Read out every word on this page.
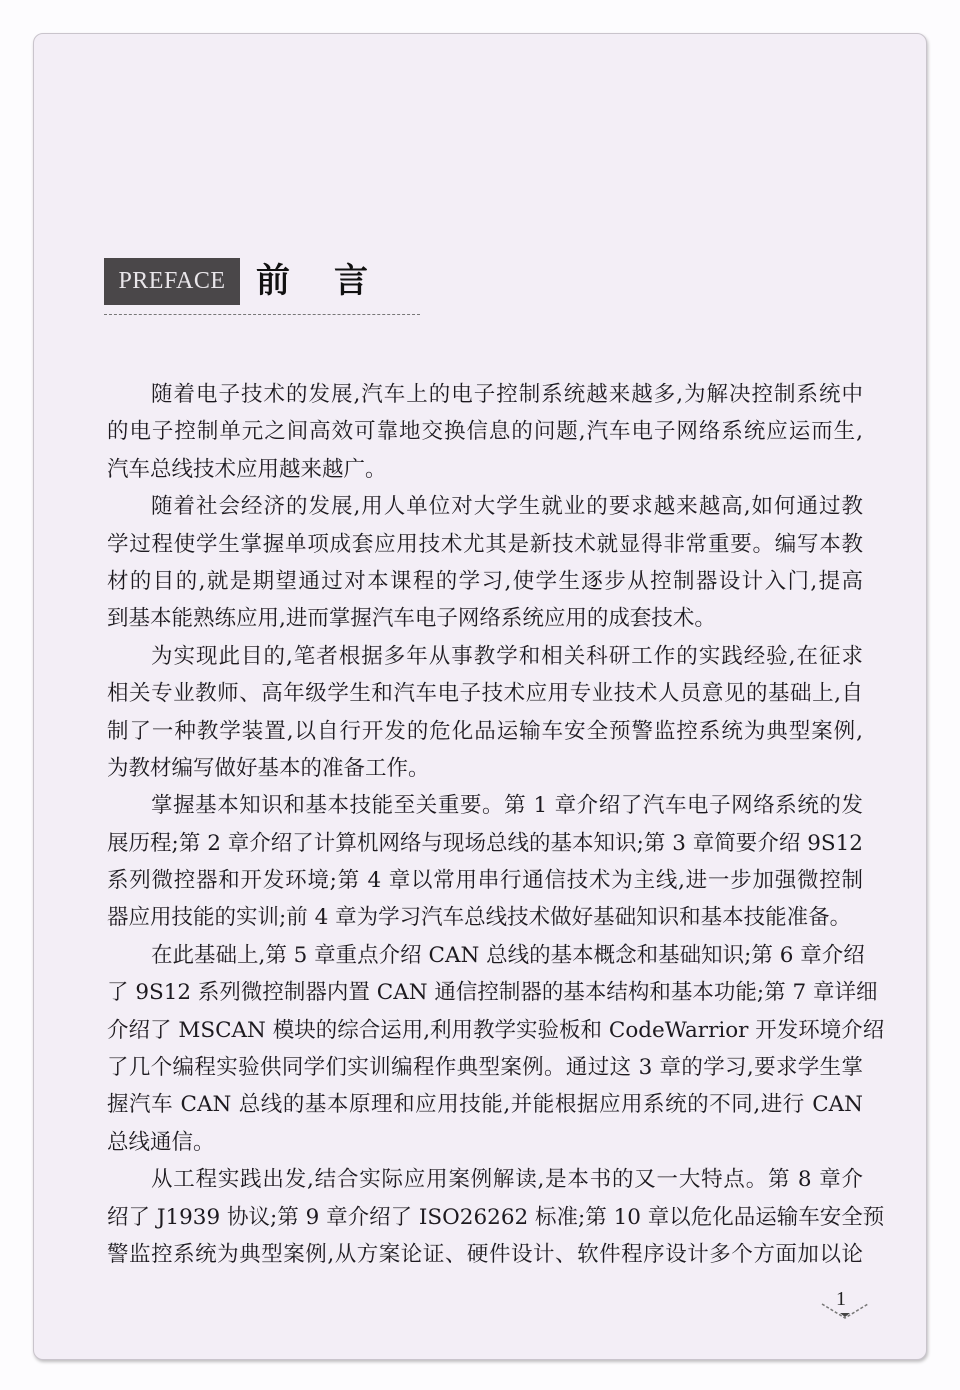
PREFACE 前言
随着电子技术的发展,汽车上的电子控制系统越来越多,为解决控制系统中
的电子控制单元之间高效可靠地交换信息的问题,汽车电子网络系统应运而生,
汽车总线技术应用越来越广。
随着社会经济的发展,用人单位对大学生就业的要求越来越高,如何通过教
学过程使学生掌握单项成套应用技术尤其是新技术就显得非常重要。编写本教
材的目的,就是期望通过对本课程的学习,使学生逐步从控制器设计入门,提高
到基本能熟练应用,进而掌握汽车电子网络系统应用的成套技术。
为实现此目的,笔者根据多年从事教学和相关科研工作的实践经验,在征求
相关专业教师、高年级学生和汽车电子技术应用专业技术人员意见的基础上,自
制了一种教学装置,以自行开发的危化品运输车安全预警监控系统为典型案例,
为教材编写做好基本的准备工作。
掌握基本知识和基本技能至关重要。第 1 章介绍了汽车电子网络系统的发
展历程;第 2 章介绍了计算机网络与现场总线的基本知识;第 3 章简要介绍 9S12
系列微控器和开发环境;第 4 章以常用串行通信技术为主线,进一步加强微控制
器应用技能的实训;前 4 章为学习汽车总线技术做好基础知识和基本技能准备。
在此基础上,第 5 章重点介绍 CAN 总线的基本概念和基础知识;第 6 章介绍
了 9S12 系列微控制器内置 CAN 通信控制器的基本结构和基本功能;第 7 章详细
介绍了 MSCAN 模块的综合运用,利用教学实验板和 CodeWarrior 开发环境介绍
了几个编程实验供同学们实训编程作典型案例。通过这 3 章的学习,要求学生掌
握汽车 CAN 总线的基本原理和应用技能,并能根据应用系统的不同,进行 CAN
总线通信。
从工程实践出发,结合实际应用案例解读,是本书的又一大特点。第 8 章介
绍了 J1939 协议;第 9 章介绍了 ISO26262 标准;第 10 章以危化品运输车安全预
警监控系统为典型案例,从方案论证、硬件设计、软件程序设计多个方面加以论
1
